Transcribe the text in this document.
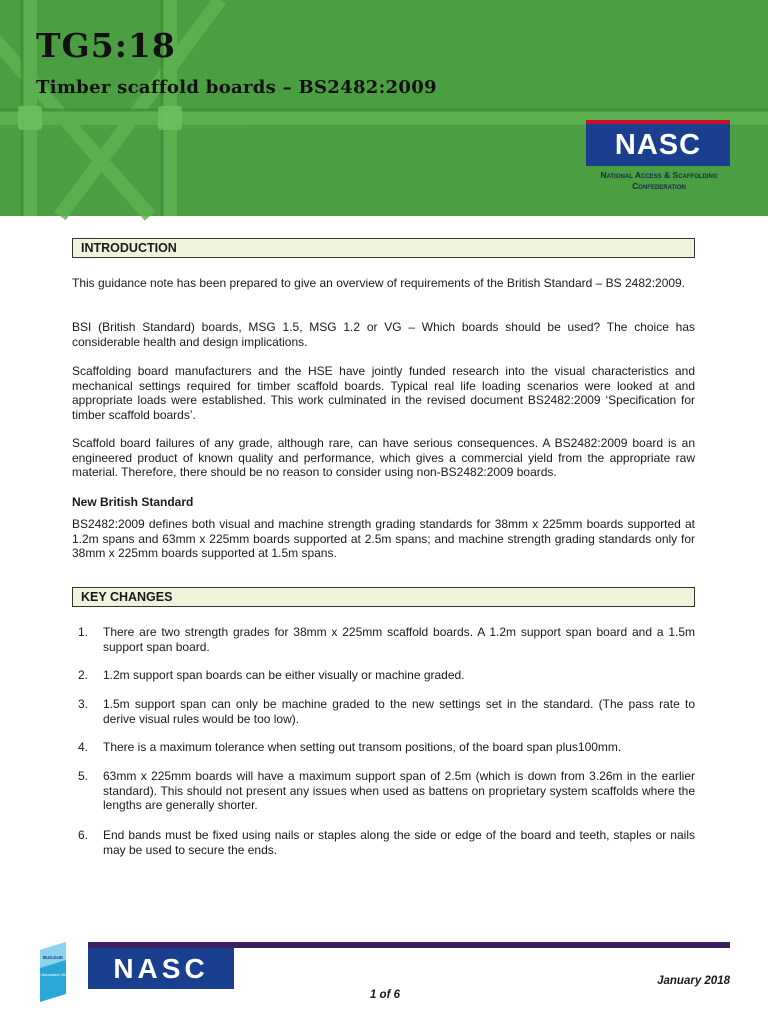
TG5:18
Timber scaffold boards – BS2482:2009
NASC
National Access & Scaffolding
Confederation
INTRODUCTION

This guidance note has been prepared to give an overview of requirements of the British Standard – BS 2482:2009.

BSI (British Standard) boards, MSG 1.5, MSG 1.2 or VG – Which boards should be used? The choice has considerable health and design implications.

Scaffolding board manufacturers and the HSE have jointly funded research into the visual characteristics and mechanical settings required for timber scaffold boards. Typical real life loading scenarios were looked at and appropriate loads were established. This work culminated in the revised document BS2482:2009 ‘Specification for timber scaffold boards’.

Scaffold board failures of any grade, although rare, can have serious consequences. A BS2482:2009 board is an engineered product of known quality and performance, which gives a commercial yield from the appropriate raw material. Therefore, there should be no reason to consider using non-BS2482:2009 boards.

New British Standard

BS2482:2009 defines both visual and machine strength grading standards for 38mm x 225mm boards supported at 1.2m spans and 63mm x 225mm boards supported at 2.5m spans; and machine strength grading standards only for 38mm x 225mm boards supported at 1.5m spans.

KEY CHANGES
1. There are two strength grades for 38mm x 225mm scaffold boards. A 1.2m support span board and a 1.5m support span board.
2. 1.2m support span boards can be either visually or machine graded.
3. 1.5m support span can only be machine graded to the new settings set in the standard. (The pass rate to derive visual rules would be too low).
4. There is a maximum tolerance when setting out transom positions, of the board span plus100mm.
5. 63mm x 225mm boards will have a maximum support span of 2.5m (which is down from 3.26m in the earlier standard). This should not present any issues when used as battens on proprietary system scaffolds where the lengths are generally shorter.
6. End bands must be fixed using nails or staples along the side or edge of the board and teeth, staples or nails may be used to secure the ends.
BUILDUK
Trade Association Member	NASC	January 2018
1 of 6
